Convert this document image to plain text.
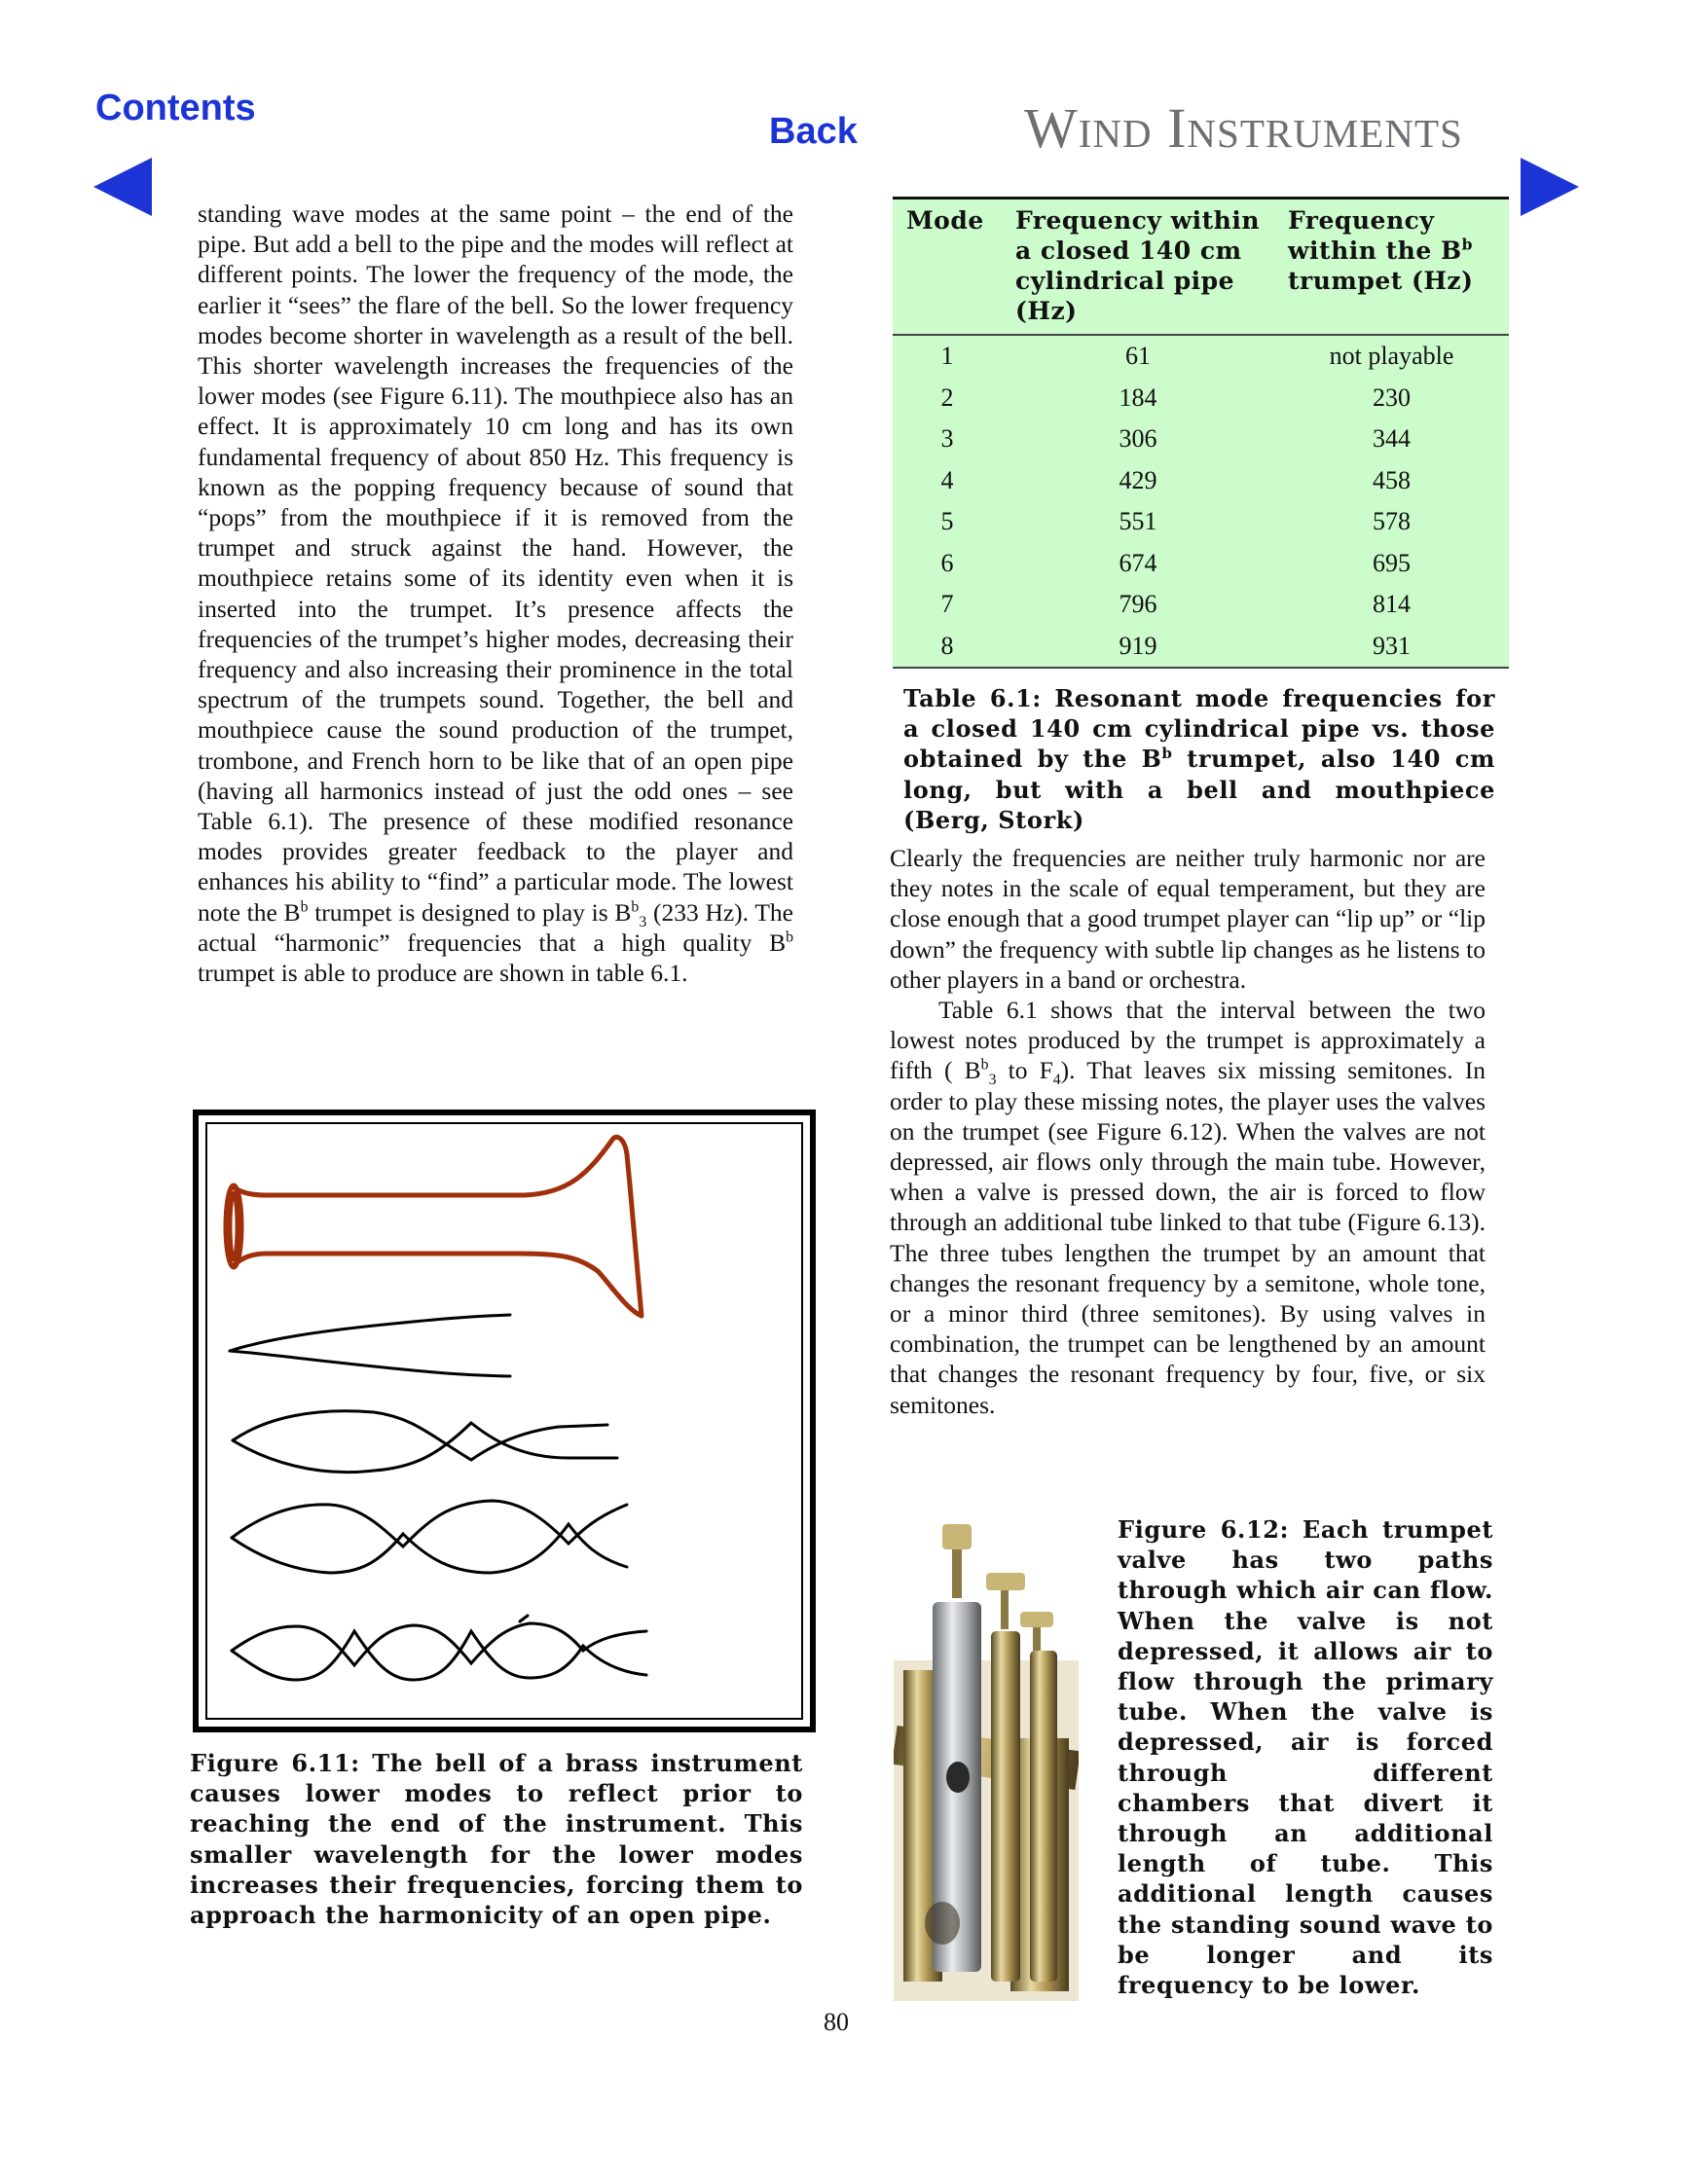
Contents
Back	Wind Instruments

standing wave modes at the same point – the end of the pipe. But add a bell to the pipe and the modes will reflect at different points. The lower the frequency of the mode, the earlier it “sees” the flare of the bell. So the lower frequency modes become shorter in wavelength as a result of the bell. This shorter wavelength increases the frequencies of the lower modes (see Figure 6.11). The mouthpiece also has an effect. It is approximately 10 cm long and has its own fundamental frequency of about 850 Hz. This frequency is known as the popping frequency because of sound that “pops” from the mouthpiece if it is removed from the trumpet and struck against the hand. However, the mouthpiece retains some of its identity even when it is inserted into the trumpet. It’s presence affects the frequencies of the trumpet’s higher modes, decreasing their frequency and also increasing their prominence in the total spectrum of the trumpets sound. Together, the bell and mouthpiece cause the sound production of the trumpet, trombone, and French horn to be like that of an open pipe (having all harmonics instead of just the odd ones – see Table 6.1). The presence of these modified resonance modes provides greater feedback to the player and enhances his ability to “find” a particular mode. The lowest note the $B^b$ trumpet is designed to play is $B^b_3$ (233 Hz). The actual “harmonic” frequencies that a high quality $B^b$ trumpet is able to produce are shown in table 6.1.

Figure 6.11: The bell of a brass instrument causes lower modes to reflect prior to reaching the end of the instrument. This smaller wavelength for the lower modes increases their frequencies, forcing them to approach the harmonicity of an open pipe.
Mode	Frequency within a closed 140 cm cylindrical pipe (Hz)	Frequency within the $B^b$ trumpet (Hz)
1	61	not playable
2	184	230
3	306	344
4	429	458
5	551	578
6	674	695
7	796	814
8	919	931
Table 6.1: Resonant mode frequencies for a closed 140 cm cylindrical pipe vs. those obtained by the $B^b$ trumpet, also 140 cm long, but with a bell and mouthpiece (Berg, Stork)

Clearly the frequencies are neither truly harmonic nor are they notes in the scale of equal temperament, but they are close enough that a good trumpet player can “lip up” or “lip down” the frequency with subtle lip changes as he listens to other players in a band or orchestra.

Table 6.1 shows that the interval between the two lowest notes produced by the trumpet is approximately a fifth ( $B^b_3$ to $F_4$). That leaves six missing semitones. In order to play these missing notes, the player uses the valves on the trumpet (see Figure 6.12). When the valves are not depressed, air flows only through the main tube. However, when a valve is pressed down, the air is forced to flow through an additional tube linked to that tube (Figure 6.13). The three tubes lengthen the trumpet by an amount that changes the resonant frequency by a semitone, whole tone, or a minor third (three semitones). By using valves in combination, the trumpet can be lengthened by an amount that changes the resonant frequency by four, five, or six semitones.

Figure 6.12: Each trumpet valve has two paths through which air can flow. When the valve is not depressed, it allows air to flow through the primary tube. When the valve is depressed, air is forced through different chambers that divert it through an additional length of tube. This additional length causes the standing sound wave to be longer and its frequency to be lower.
80
